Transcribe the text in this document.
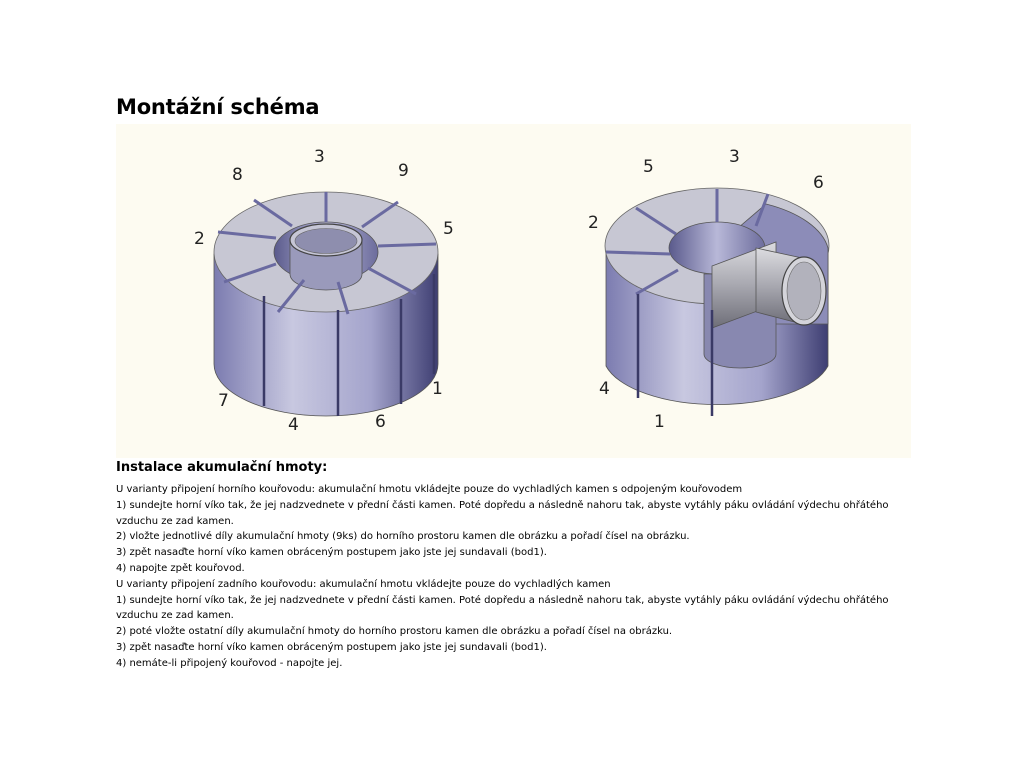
Montážní schéma
8
3
9
2	5
7
4	6
1
5	3
6
2
4
1
Instalace akumulační hmoty:

U varianty připojení horního kouřovodu: akumulační hmotu vkládejte pouze do vychladlých kamen s odpojeným kouřovodem

1) sundejte horní víko tak, že jej nadzvednete v přední části kamen. Poté dopředu a následně nahoru tak, abyste vytáhly páku ovládání výdechu ohřátého vzduchu ze zad kamen.

2) vložte jednotlivé díly akumulační hmoty (9ks) do horního prostoru kamen dle obrázku a pořadí čísel na obrázku.

3) zpět nasaďte horní víko kamen obráceným postupem jako jste jej sundavali (bod1).

4) napojte zpět kouřovod.

U varianty připojení zadního kouřovodu: akumulační hmotu vkládejte pouze do vychladlých kamen

1) sundejte horní víko tak, že jej nadzvednete v přední části kamen. Poté dopředu a následně nahoru tak, abyste vytáhly páku ovládání výdechu ohřátého vzduchu ze zad kamen.

2) poté vložte ostatní díly akumulační hmoty do horního prostoru kamen dle obrázku a pořadí čísel na obrázku.

3) zpět nasaďte horní víko kamen obráceným postupem jako jste jej sundavali (bod1).

4) nemáte-li připojený kouřovod - napojte jej.
